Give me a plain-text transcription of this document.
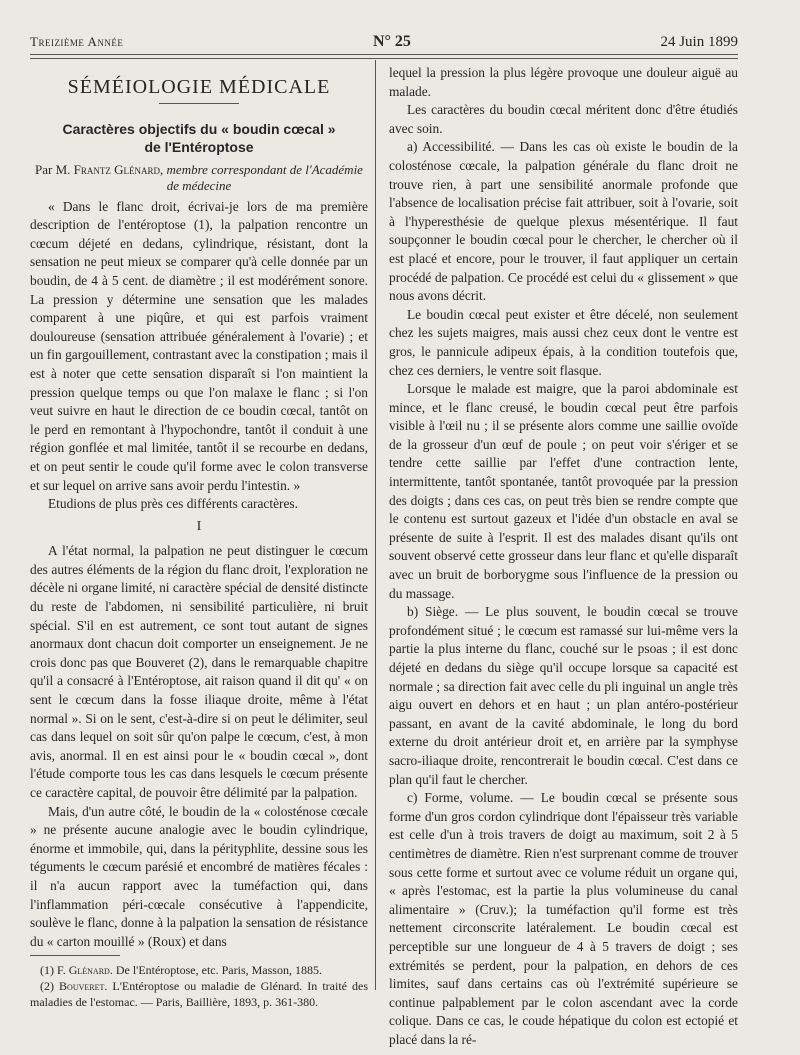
Treizième Année	N° 25	24 Juin 1899
SÉMÉIOLOGIE MÉDICALE
Caractères objectifs du « boudin cœcal »
de l'Entéroptose
Par M. Frantz Glénard, membre correspondant de l'Académie de médecine

« Dans le flanc droit, écrivai-je lors de ma première description de l'entéroptose (1), la palpation rencontre un cœcum déjeté en dedans, cylindrique, résistant, dont la sensation ne peut mieux se comparer qu'à celle donnée par un boudin, de 4 à 5 cent. de diamètre ; il est modérément sonore. La pression y détermine une sensation que les malades comparent à une piqûre, et qui est parfois vraiment douloureuse (sensation attribuée généralement à l'ovarie) ; et un fin gargouillement, contrastant avec la constipation ; mais il est à noter que cette sensation disparaît si l'on maintient la pression quelque temps ou que l'on malaxe le flanc ; si l'on veut suivre en haut le direction de ce boudin cœcal, tantôt on le perd en remontant à l'hypochondre, tantôt il conduit à une région gonflée et mal limitée, tantôt il se recourbe en dedans, et on peut sentir le coude qu'il forme avec le colon transverse et sur lequel on arrive sans avoir perdu l'intestin. »

Etudions de plus près ces différents caractères.

I

A l'état normal, la palpation ne peut distinguer le cœcum des autres éléments de la région du flanc droit, l'exploration ne décèle ni organe limité, ni caractère spécial de densité distincte du reste de l'abdomen, ni sensibilité particulière, ni bruit spécial. S'il en est autrement, ce sont tout autant de signes anormaux dont chacun doit comporter un enseignement. Je ne crois donc pas que Bouveret (2), dans le remarquable chapitre qu'il a consacré à l'Entéroptose, ait raison quand il dit qu' « on sent le cœcum dans la fosse iliaque droite, même à l'état normal ». Si on le sent, c'est-à-dire si on peut le délimiter, seul cas dans lequel on soit sûr qu'on palpe le cœcum, c'est, à mon avis, anormal. Il en est ainsi pour le « boudin cœcal », dont l'étude comporte tous les cas dans lesquels le cœcum présente ce caractère capital, de pouvoir être délimité par la palpation.

Mais, d'un autre côté, le boudin de la « colosténose cœcale » ne présente aucune analogie avec le boudin cylindrique, énorme et immobile, qui, dans la pérityphlite, dessine sous les téguments le cœcum parésié et encombré de matières fécales : il n'a aucun rapport avec la tuméfaction qui, dans l'inflammation péri-cœcale consécutive à l'appendicite, soulève le flanc, donne à la palpation la sensation de résistance du « carton mouillé » (Roux) et dans

lequel la pression la plus légère provoque une douleur aiguë au malade.

Les caractères du boudin cœcal méritent donc d'être étudiés avec soin.

a) Accessibilité. — Dans les cas où existe le boudin de la colosténose cœcale, la palpation générale du flanc droit ne trouve rien, à part une sensibilité anormale profonde que l'absence de localisation précise fait attribuer, soit à l'ovarie, soit à l'hyperesthésie de quelque plexus mésentérique. Il faut soupçonner le boudin cœcal pour le chercher, le chercher où il est placé et encore, pour le trouver, il faut appliquer un certain procédé de palpation. Ce procédé est celui du « glissement » que nous avons décrit.

Le boudin cœcal peut exister et être décelé, non seulement chez les sujets maigres, mais aussi chez ceux dont le ventre est gros, le pannicule adipeux épais, à la condition toutefois que, chez ces derniers, le ventre soit flasque.

Lorsque le malade est maigre, que la paroi abdominale est mince, et le flanc creusé, le boudin cœcal peut être parfois visible à l'œil nu ; il se présente alors comme une saillie ovoïde de la grosseur d'un œuf de poule ; on peut voir s'ériger et se tendre cette saillie par l'effet d'une contraction lente, intermittente, tantôt spontanée, tantôt provoquée par la pression des doigts ; dans ces cas, on peut très bien se rendre compte que le contenu est surtout gazeux et l'idée d'un obstacle en aval se présente de suite à l'esprit. Il est des malades disant qu'ils ont souvent observé cette grosseur dans leur flanc et qu'elle disparaît avec un bruit de borborygme sous l'influence de la pression ou du massage.

b) Siège. — Le plus souvent, le boudin cœcal se trouve profondément situé ; le cœcum est ramassé sur lui-même vers la partie la plus interne du flanc, couché sur le psoas ; il est donc déjeté en dedans du siège qu'il occupe lorsque sa capacité est normale ; sa direction fait avec celle du pli inguinal un angle très aigu ouvert en dehors et en haut ; un plan antéro-postérieur passant, en avant de la cavité abdominale, le long du bord externe du droit antérieur droit et, en arrière par la symphyse sacro-iliaque droite, rencontrerait le boudin cœcal. C'est dans ce plan qu'il faut le chercher.

c) Forme, volume. — Le boudin cœcal se présente sous forme d'un gros cordon cylindrique dont l'épaisseur très variable est celle d'un à trois travers de doigt au maximum, soit 2 à 5 centimètres de diamètre. Rien n'est surprenant comme de trouver sous cette forme et surtout avec ce volume réduit un organe qui, « après l'estomac, est la partie la plus volumineuse du canal alimentaire » (Cruv.); la tuméfaction qu'il forme est très nettement circonscrite latéralement. Le boudin cœcal est perceptible sur une longueur de 4 à 5 travers de doigt ; ses extrémités se perdent, pour la palpation, en dehors de ces limites, sauf dans certains cas où l'extrémité supérieure se continue palpablement par le colon ascendant avec la corde colique. Dans ce cas, le coude hépatique du colon est ectopié et placé dans la ré-

(1) F. Glénard. De l'Entéroptose, etc. Paris, Masson, 1885.

(2) Bouveret. L'Entéroptose ou maladie de Glénard. In traité des maladies de l'estomac. — Paris, Baillière, 1893, p. 361-380.
